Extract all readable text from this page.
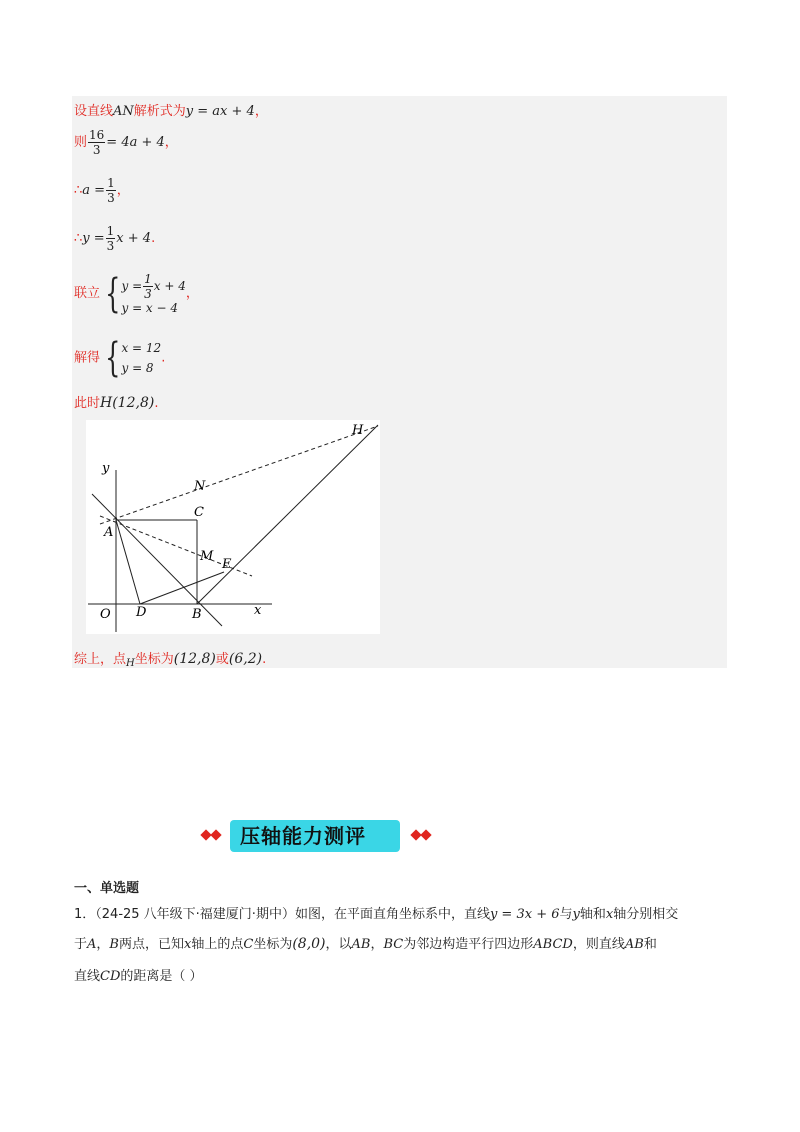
设直线AN解析式为y = ax + 4，
则 $\frac{16}{3} = 4a + 4$，
∴a = $\frac{1}{3}$ ，
∴y = $\frac{1}{3}$ x + 4.
联立 { $y = \frac{1}{3}$ x + 4
y = x − 4
，
解得 { x = 12
y = 8
.
此时H(12,8).
y
x
O
A
B
C
D
E
M
N
H
综上，点$_H$坐标为(12,8)或(6,2).
压轴能力测评
一、单选题
1．（24-25 八年级下·福建厦门·期中）如图，在平面直角坐标系中，直线y = 3x + 6与y轴和x轴分别相交
于A，B两点，已知x轴上的点C坐标为(8,0)，以AB，BC为邻边构造平行四边形ABCD，则直线AB和
直线CD的距离是（ ）
